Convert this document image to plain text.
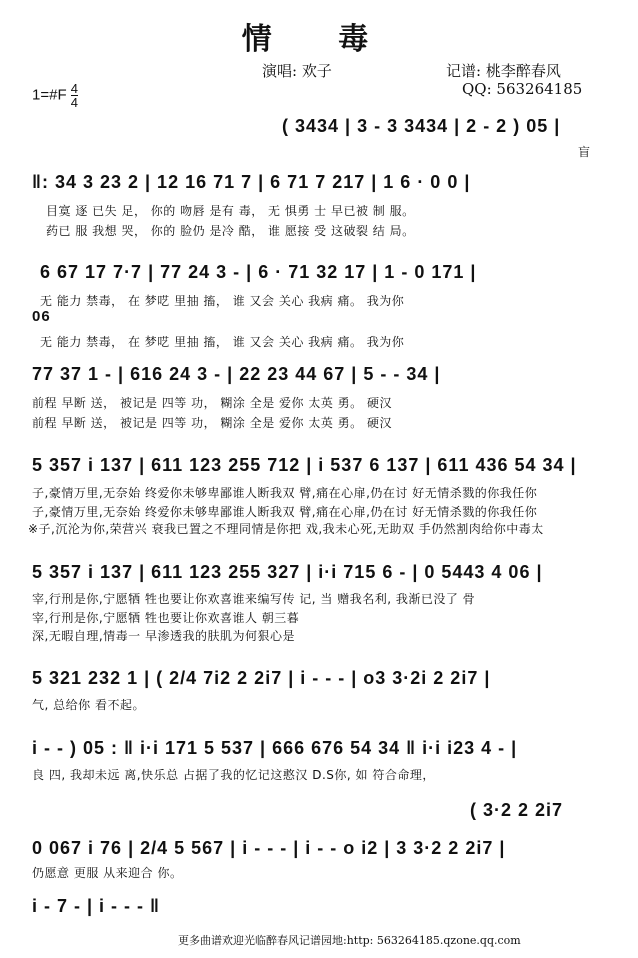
情 毒
演唱: 欢子	记谱: 桃李醉春风
QQ: 563264185
1=#F $\frac{4}{4}$
( 3434 | 3 - 3 3434 | 2 - 2 ) 05 |
盲
‖: 34 3 23 2 | 12 16 71 7 | 6 71 7 217 | 1 6 · 0 0 |
目寞 逐 已失 足， 你的 吻唇 是有 毒， 无 惧勇 士 早已被 制 服。
药已 服 我想 哭， 你的 脸仍 是冷 酷， 谁 愿接 受 这破裂 结 局。
6 67 17 7·7 | 77 24 3 - | 6 · 71 32 17 | 1 - 0 171 |
无 能力 禁毒， 在 梦呓 里抽 搐， 谁 又会 关心 我病 痛。 我为你
06
无 能力 禁毒， 在 梦呓 里抽 搐， 谁 又会 关心 我病 痛。 我为你
77 37 1 - | 616 24 3 - | 22 23 44 67 | 5 - - 34 |
前程 早断 送， 被记是 四等 功， 糊涂 全是 爱你 太英 勇。 硬汉
前程 早断 送， 被记是 四等 功， 糊涂 全是 爱你 太英 勇。 硬汉
5 357 i 137 | 611 123 255 712 | i 537 6 137 | 611 436 54 34 |
子,豪情万里,无奈始 终爱你未够卑鄙谁人断我双 臂,痛在心扉,仍在讨 好无情杀戮的你我任你
子,豪情万里,无奈始 终爱你未够卑鄙谁人断我双 臂,痛在心扉,仍在讨 好无情杀戮的你我任你
※子,沉沦为你,荣营兴 衰我已置之不理同情是你把 戏,我未心死,无助双 手仍然割肉给你中毒太
5 357 i 137 | 611 123 255 327 | i·i 715 6 - | 0 5443 4 06 |
宰,行刑是你,宁愿牺 牲也要让你欢喜谁来编写传 记, 当 赠我名利, 我渐已没了 骨
宰,行刑是你,宁愿牺 牲也要让你欢喜谁人 朝三暮
深,无暇自理,情毒一 早渗透我的肤肌为何狠心是
5 321 232 1 | ( 2/4 7i2 2 2i7 | i - - - | o3 3·2i 2 2i7 |
气, 总给你 看不起。
i - - ) 05 : ‖ i·i 171 5 537 | 666 676 54 34 ‖ i·i i23 4 - |
良 四, 我却未远 离,快乐总 占据了我的忆记这憨汉 D.S你, 如 符合命理，
( 3·2 2 2i7
0 067 i 76 | 2/4 5 567 | i - - - | i - - o i2 | 3 3·2 2 2i7 |
仍愿意 更服 从来迎合 你。
i - 7 - | i - - - ‖
更多曲谱欢迎光临醉春风记谱园地:http: 563264185.qzone.qq.com
